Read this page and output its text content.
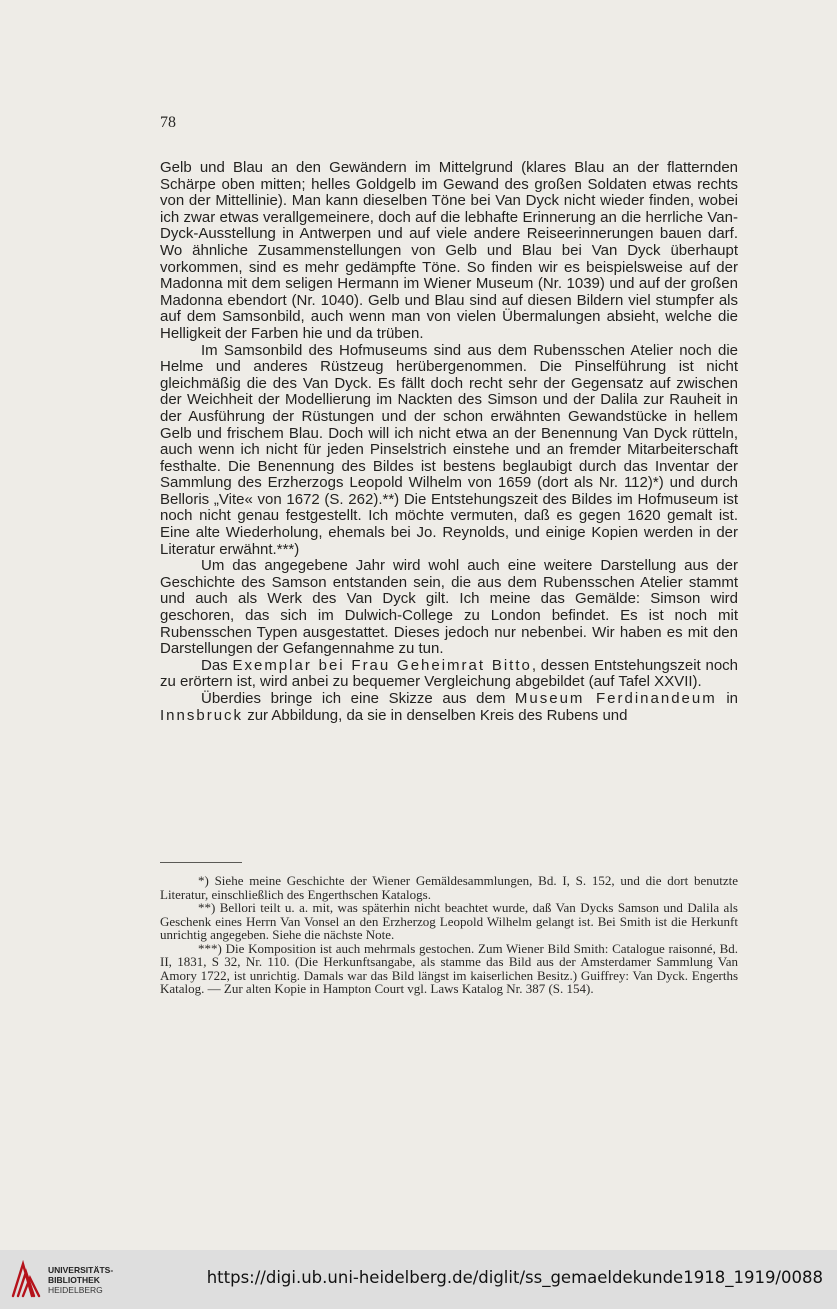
78

Gelb und Blau an den Gewändern im Mittelgrund (klares Blau an der flatternden Schärpe oben mitten; helles Goldgelb im Gewand des großen Soldaten etwas rechts von der Mittellinie). Man kann dieselben Töne bei Van Dyck nicht wieder finden, wobei ich zwar etwas verallgemeinere, doch auf die lebhafte Erinnerung an die herrliche Van-Dyck-Ausstellung in Antwerpen und auf viele andere Reiseerinnerungen bauen darf. Wo ähnliche Zusammenstellungen von Gelb und Blau bei Van Dyck überhaupt vorkommen, sind es mehr gedämpfte Töne. So finden wir es beispielsweise auf der Madonna mit dem seligen Hermann im Wiener Museum (Nr. 1039) und auf der großen Madonna ebendort (Nr. 1040). Gelb und Blau sind auf diesen Bildern viel stumpfer als auf dem Samsonbild, auch wenn man von vielen Übermalungen absieht, welche die Helligkeit der Farben hie und da trüben.

Im Samsonbild des Hofmuseums sind aus dem Rubensschen Atelier noch die Helme und anderes Rüstzeug herübergenommen. Die Pinselführung ist nicht gleichmäßig die des Van Dyck. Es fällt doch recht sehr der Gegensatz auf zwischen der Weichheit der Modellierung im Nackten des Simson und der Dalila zur Rauheit in der Ausführung der Rüstungen und der schon erwähnten Gewandstücke in hellem Gelb und frischem Blau. Doch will ich nicht etwa an der Benennung Van Dyck rütteln, auch wenn ich nicht für jeden Pinselstrich einstehe und an fremder Mitarbeiterschaft festhalte. Die Benennung des Bildes ist bestens beglaubigt durch das Inventar der Sammlung des Erzherzogs Leopold Wilhelm von 1659 (dort als Nr. 112)*) und durch Belloris „Vite« von 1672 (S. 262).**) Die Entstehungszeit des Bildes im Hofmuseum ist noch nicht genau festgestellt. Ich möchte vermuten, daß es gegen 1620 gemalt ist. Eine alte Wiederholung, ehemals bei Jo. Reynolds, und einige Kopien werden in der Literatur erwähnt.***)

Um das angegebene Jahr wird wohl auch eine weitere Darstellung aus der Geschichte des Samson entstanden sein, die aus dem Rubensschen Atelier stammt und auch als Werk des Van Dyck gilt. Ich meine das Gemälde: Simson wird geschoren, das sich im Dulwich-College zu London befindet. Es ist noch mit Rubensschen Typen ausgestattet. Dieses jedoch nur nebenbei. Wir haben es mit den Darstellungen der Gefangennahme zu tun.

Das Exemplar bei Frau Geheimrat Bitto, dessen Entstehungszeit noch zu erörtern ist, wird anbei zu bequemer Vergleichung abgebildet (auf Tafel XXVII).

Überdies bringe ich eine Skizze aus dem Museum Ferdinandeum in Innsbruck zur Abbildung, da sie in denselben Kreis des Rubens und

*) Siehe meine Geschichte der Wiener Gemäldesammlungen, Bd. I, S. 152, und die dort benutzte Literatur, einschließlich des Engerthschen Katalogs.

**) Bellori teilt u. a. mit, was späterhin nicht beachtet wurde, daß Van Dycks Samson und Dalila als Geschenk eines Herrn Van Vonsel an den Erzherzog Leopold Wilhelm gelangt ist. Bei Smith ist die Herkunft unrichtig angegeben. Siehe die nächste Note.

***) Die Komposition ist auch mehrmals gestochen. Zum Wiener Bild Smith: Catalogue raisonné, Bd. II, 1831, S 32, Nr. 110. (Die Herkunftsangabe, als stamme das Bild aus der Amsterdamer Sammlung Van Amory 1722, ist unrichtig. Damals war das Bild längst im kaiserlichen Besitz.) Guiffrey: Van Dyck. Engerths Katalog. — Zur alten Kopie in Hampton Court vgl. Laws Katalog Nr. 387 (S. 154).

UNIVERSITÄTS-
BIBLIOTHEK
HEIDELBERG
https://digi.ub.uni-heidelberg.de/diglit/ss_gemaeldekunde1918_1919/0088
